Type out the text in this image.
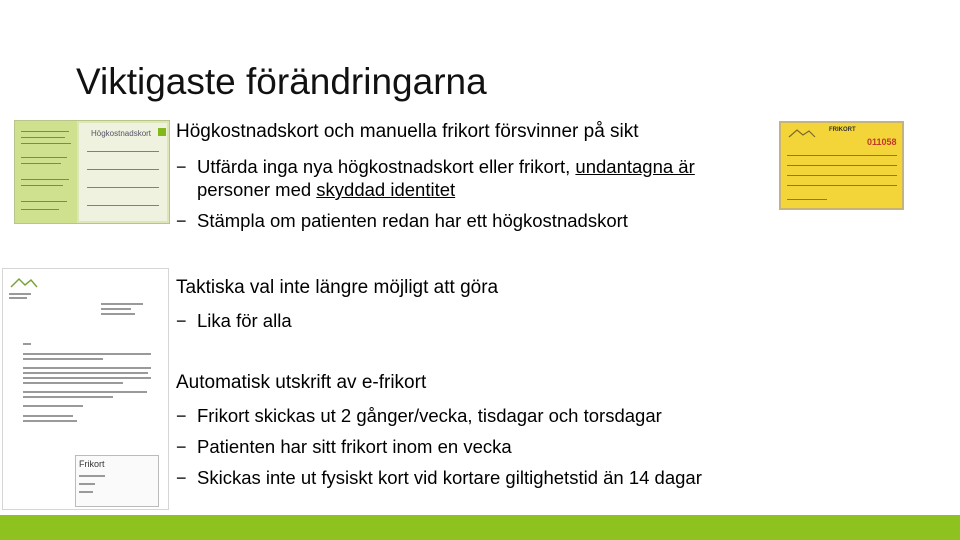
Viktigaste förändringarna
Högkostnadskort
Frikort
FRIKORT
011058
Högkostnadskort och manuella frikort försvinner på sikt
− Utfärda inga nya högkostnadskort eller frikort, undantagna är
personer med skyddad identitet
− Stämpla om patienten redan har ett högkostnadskort
Taktiska val inte längre möjligt att göra
− Lika för alla
Automatisk utskrift av e-frikort
− Frikort skickas ut 2 gånger/vecka, tisdagar och torsdagar
− Patienten har sitt frikort inom en vecka
− Skickas inte ut fysiskt kort vid kortare giltighetstid än 14 dagar
